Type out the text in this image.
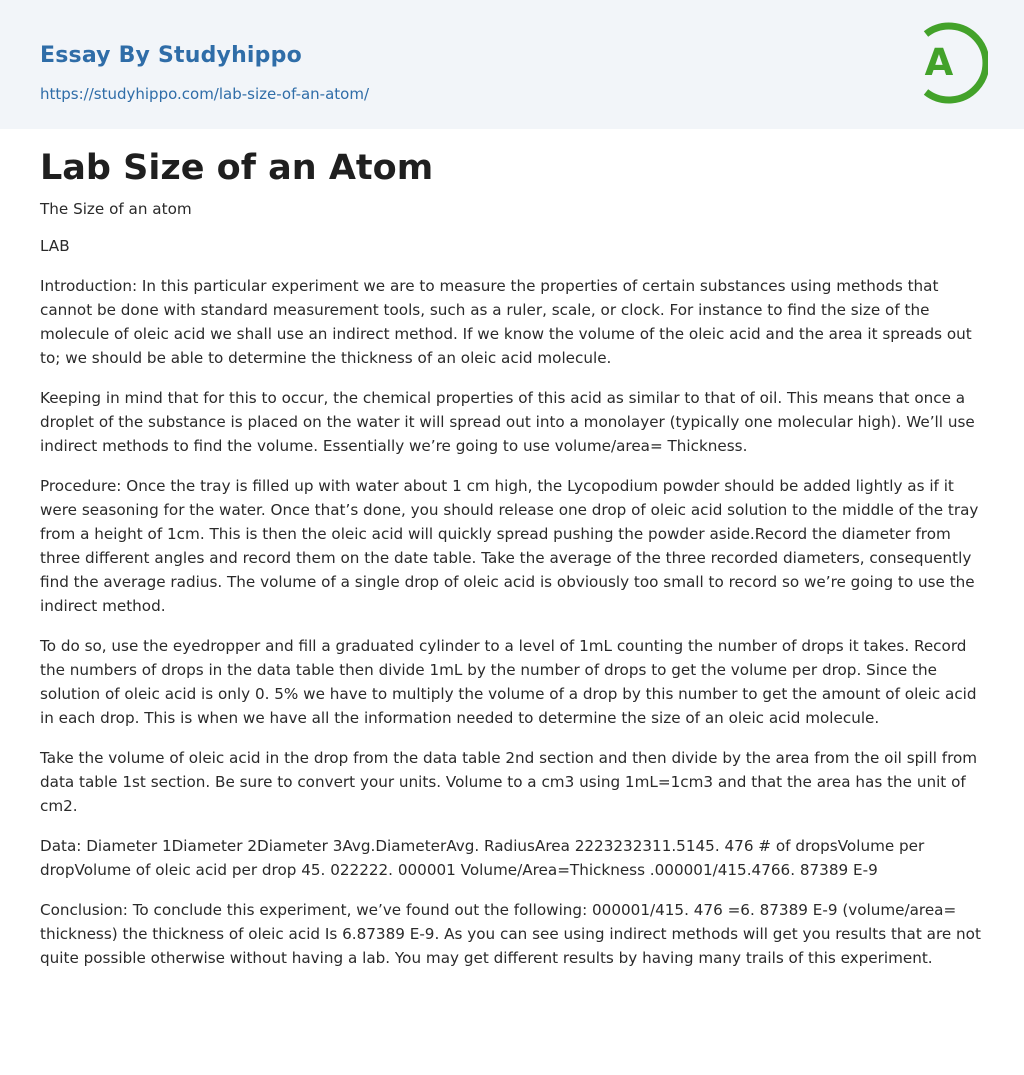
Essay By Studyhippo
https://studyhippo.com/lab-size-of-an-atom/
A
Lab Size of an Atom

The Size of an atom

LAB

Introduction: In this particular experiment we are to measure the properties of certain substances using methods that cannot be done with standard measurement tools, such as a ruler, scale, or clock. For instance to find the size of the molecule of oleic acid we shall use an indirect method. If we know the volume of the oleic acid and the area it spreads out to; we should be able to determine the thickness of an oleic acid molecule.

Keeping in mind that for this to occur, the chemical properties of this acid as similar to that of oil. This means that once a droplet of the substance is placed on the water it will spread out into a monolayer (typically one molecular high). We’ll use indirect methods to find the volume. Essentially we’re going to use volume/area= Thickness.

Procedure: Once the tray is filled up with water about 1 cm high, the Lycopodium powder should be added lightly as if it were seasoning for the water. Once that’s done, you should release one drop of oleic acid solution to the middle of the tray from a height of 1cm. This is then the oleic acid will quickly spread pushing the powder aside.Record the diameter from three different angles and record them on the date table. Take the average of the three recorded diameters, consequently find the average radius. The volume of a single drop of oleic acid is obviously too small to record so we’re going to use the indirect method.

To do so, use the eyedropper and fill a graduated cylinder to a level of 1mL counting the number of drops it takes. Record the numbers of drops in the data table then divide 1mL by the number of drops to get the volume per drop. Since the solution of oleic acid is only 0. 5% we have to multiply the volume of a drop by this number to get the amount of oleic acid in each drop. This is when we have all the information needed to determine the size of an oleic acid molecule.

Take the volume of oleic acid in the drop from the data table 2nd section and then divide by the area from the oil spill from data table 1st section. Be sure to convert your units. Volume to a cm3 using 1mL=1cm3 and that the area has the unit of cm2.

Data: Diameter 1Diameter 2Diameter 3Avg.DiameterAvg. RadiusArea 2223232311.5145. 476 # of dropsVolume per dropVolume of oleic acid per drop 45. 022222. 000001 Volume/Area=Thickness .000001/415.4766. 87389 E-9

Conclusion: To conclude this experiment, we’ve found out the following: 000001/415. 476 =6. 87389 E-9 (volume/area= thickness) the thickness of oleic acid Is 6.87389 E-9. As you can see using indirect methods will get you results that are not quite possible otherwise without having a lab. You may get different results by having many trails of this experiment.
